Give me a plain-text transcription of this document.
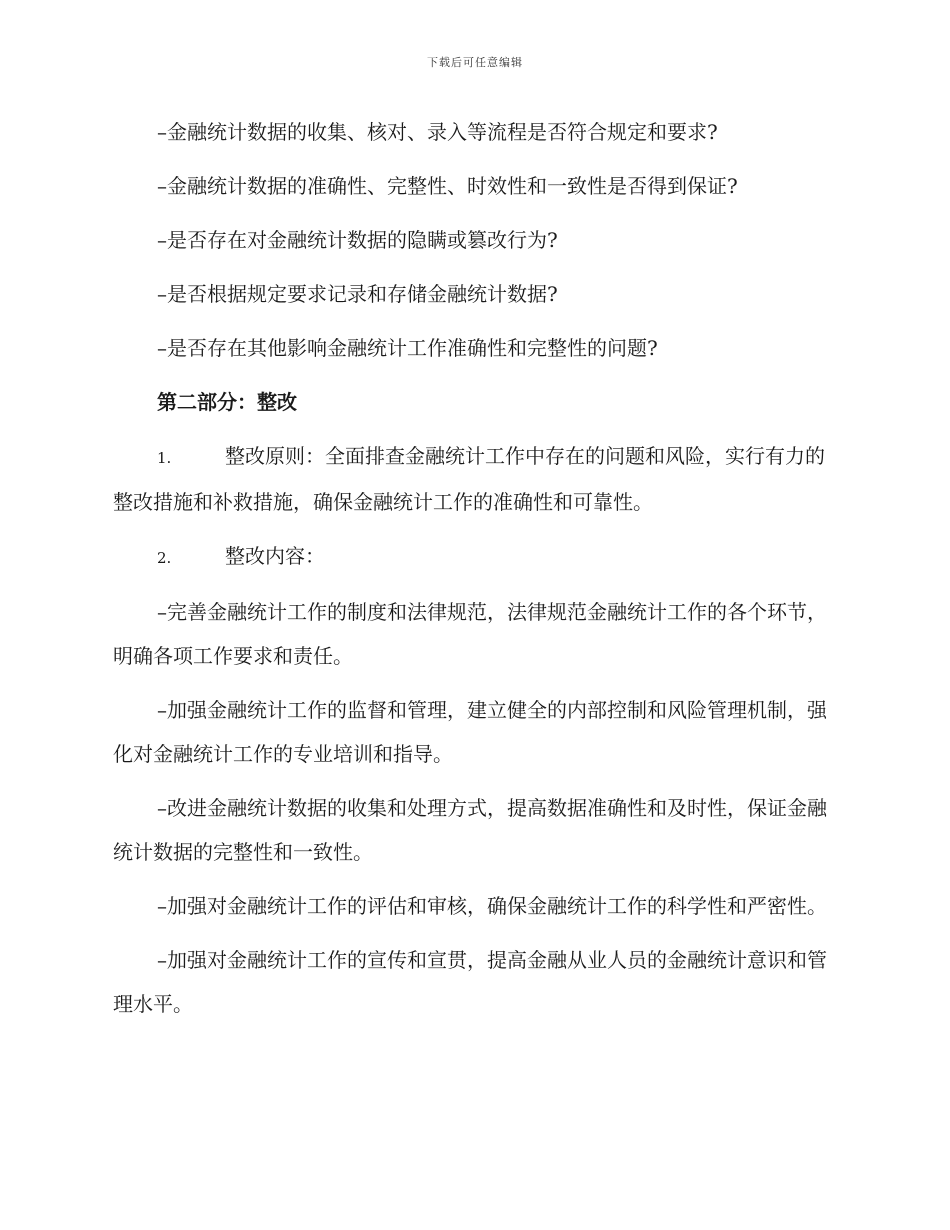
下载后可任意编辑

–金融统计数据的收集、核对、录入等流程是否符合规定和要求?

–金融统计数据的准确性、完整性、时效性和一致性是否得到保证?

–是否存在对金融统计数据的隐瞒或篡改行为?

–是否根据规定要求记录和存储金融统计数据?

–是否存在其他影响金融统计工作准确性和完整性的问题?

第二部分：整改

1.	整改原则：全面排查金融统计工作中存在的问题和风险，实行有力的整改措施和补救措施，确保金融统计工作的准确性和可靠性。

2.	整改内容：

–完善金融统计工作的制度和法律规范，法律规范金融统计工作的各个环节，明确各项工作要求和责任。

–加强金融统计工作的监督和管理，建立健全的内部控制和风险管理机制，强化对金融统计工作的专业培训和指导。

–改进金融统计数据的收集和处理方式，提高数据准确性和及时性，保证金融统计数据的完整性和一致性。

–加强对金融统计工作的评估和审核，确保金融统计工作的科学性和严密性。

–加强对金融统计工作的宣传和宣贯，提高金融从业人员的金融统计意识和管理水平。
